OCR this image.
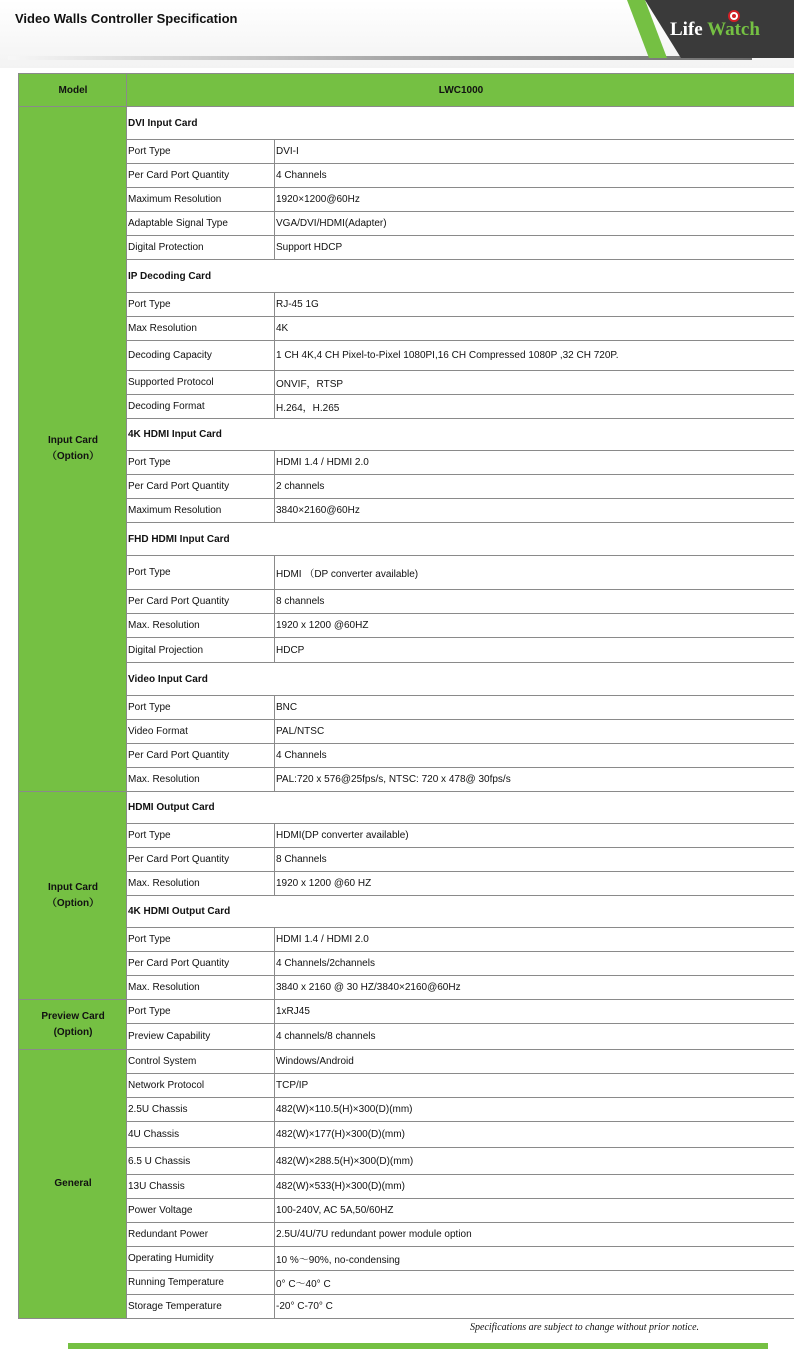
Video Walls Controller Specification
Life Watch
Model	LWC1000	

Input Card
（Option）	DVI Input Card	
	Port Type	DVI-I
	Per Card Port Quantity	4 Channels
	Maximum Resolution	1920×1200@60Hz
	Adaptable Signal Type	VGA/DVI/HDMI(Adapter)
	Digital Protection	Support HDCP
	IP Decoding Card	
	Port Type	RJ-45 1G
	Max Resolution	4K
	Decoding Capacity	1 CH 4K,4 CH Pixel-to-Pixel 1080PI,16 CH Compressed 1080P ,32 CH 720P.
	Supported Protocol	ONVIF，RTSP
	Decoding Format	H.264，H.265
	4K HDMI Input Card	
	Port Type	HDMI 1.4 / HDMI 2.0
	Per Card Port Quantity	2 channels
	Maximum Resolution	3840×2160@60Hz
	FHD HDMI Input Card	
	Port Type	HDMI （DP converter available)
	Per Card Port Quantity	8 channels
	Max. Resolution	1920 x 1200 @60HZ
	Digital Projection	HDCP
	Video Input Card	
	Port Type	BNC
	Video Format	PAL/NTSC
	Per Card Port Quantity	4 Channels
	Max. Resolution	PAL:720 x 576@25fps/s, NTSC: 720 x 478@ 30fps/s

Input Card
（Option）	HDMI Output Card	
	Port Type	HDMI(DP converter available)
	Per Card Port Quantity	8 Channels
	Max. Resolution	1920 x 1200 @60 HZ
	4K HDMI Output Card	
	Port Type	HDMI 1.4 / HDMI 2.0
	Per Card Port Quantity	4 Channels/2channels
	Max. Resolution	3840 x 2160 @ 30 HZ/3840×2160@60Hz

Preview Card
(Option)	Port Type	1xRJ45
	Preview Capability	4 channels/8 channels
General	Control System	Windows/Android
	Network Protocol	TCP/IP
	2.5U Chassis	482(W)×110.5(H)×300(D)(mm)
	4U Chassis	482(W)×177(H)×300(D)(mm)
	6.5 U Chassis	482(W)×288.5(H)×300(D)(mm)
	13U Chassis	482(W)×533(H)×300(D)(mm)
	Power Voltage	100-240V, AC 5A,50/60HZ
	Redundant Power	2.5U/4U/7U redundant power module option
	Operating Humidity	10 %～90%, no-condensing
	Running Temperature	0° C～40° C
	Storage Temperature	-20° C-70° C
Specifications are subject to change without prior notice.
